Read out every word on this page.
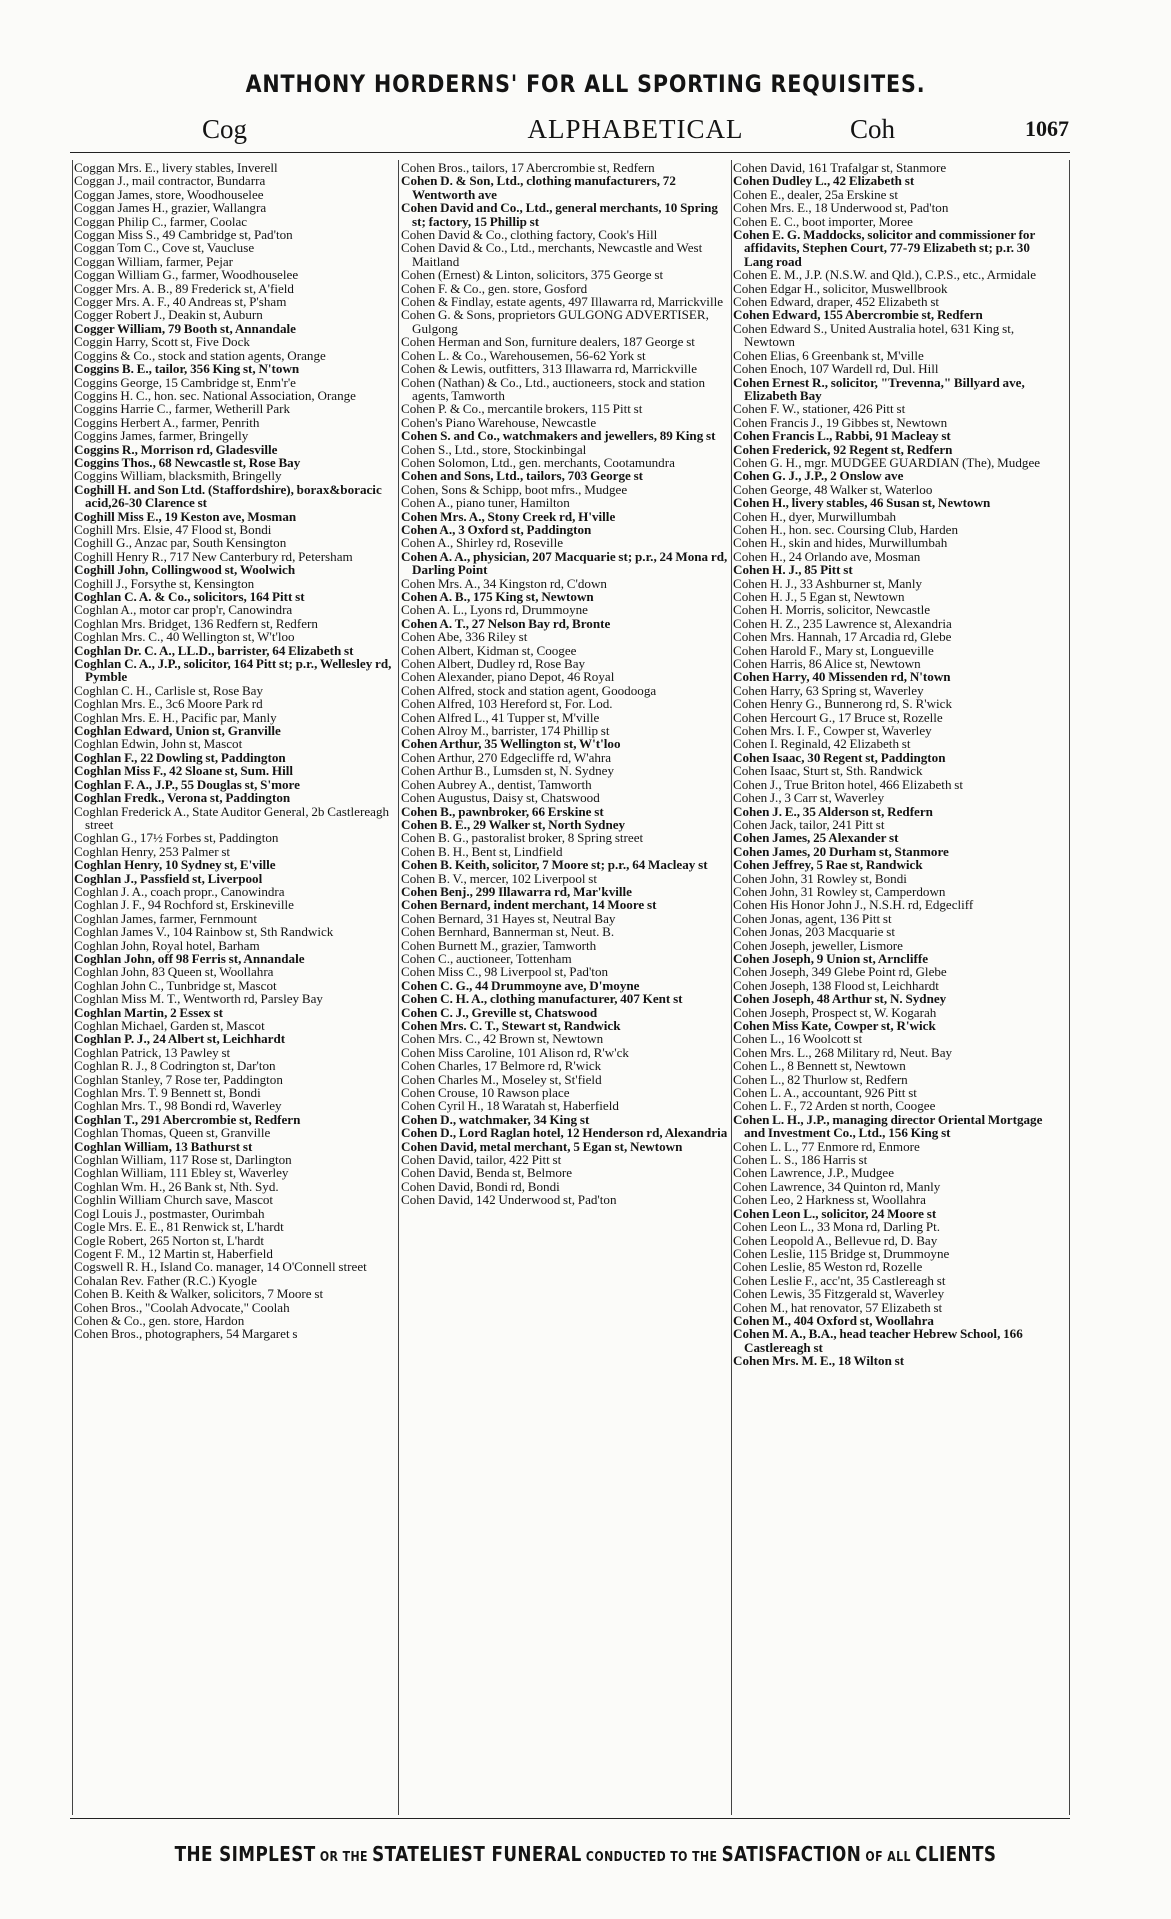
ANTHONY HORDERNS' FOR ALL SPORTING REQUISITES.
Cog	ALPHABETICAL	Coh	1067
Coggan Mrs. E., livery stables, Inverell
Coggan J., mail contractor, Bundarra
Coggan James, store, Woodhouselee
Coggan James H., grazier, Wallangra
Coggan Philip C., farmer, Coolac
Coggan Miss S., 49 Cambridge st, Pad'ton
Coggan Tom C., Cove st, Vaucluse
Coggan William, farmer, Pejar
Coggan William G., farmer, Woodhouselee
Cogger Mrs. A. B., 89 Frederick st, A'field
Cogger Mrs. A. F., 40 Andreas st, P'sham
Cogger Robert J., Deakin st, Auburn
Cogger William, 79 Booth st, Annandale
Coggin Harry, Scott st, Five Dock
Coggins & Co., stock and station agents, Orange
Coggins B. E., tailor, 356 King st, N'town
Coggins George, 15 Cambridge st, Enm'r'e
Coggins H. C., hon. sec. National Association, Orange
Coggins Harrie C., farmer, Wetherill Park
Coggins Herbert A., farmer, Penrith
Coggins James, farmer, Bringelly
Coggins R., Morrison rd, Gladesville
Coggins Thos., 68 Newcastle st, Rose Bay
Coggins William, blacksmith, Bringelly
Coghill H. and Son Ltd. (Staffordshire), borax&boracic acid,26-30 Clarence st
Coghill Miss E., 19 Keston ave, Mosman
Coghill Mrs. Elsie, 47 Flood st, Bondi
Coghill G., Anzac par, South Kensington
Coghill Henry R., 717 New Canterbury rd, Petersham
Coghill John, Collingwood st, Woolwich
Coghill J., Forsythe st, Kensington
Coghlan C. A. & Co., solicitors, 164 Pitt st
Coghlan A., motor car prop'r, Canowindra
Coghlan Mrs. Bridget, 136 Redfern st, Redfern
Coghlan Mrs. C., 40 Wellington st, W't'loo
Coghlan Dr. C. A., LL.D., barrister, 64 Elizabeth st
Coghlan C. A., J.P., solicitor, 164 Pitt st; p.r., Wellesley rd, Pymble
Coghlan C. H., Carlisle st, Rose Bay
Coghlan Mrs. E., 3c6 Moore Park rd
Coghlan Mrs. E. H., Pacific par, Manly
Coghlan Edward, Union st, Granville
Coghlan Edwin, John st, Mascot
Coghlan F., 22 Dowling st, Paddington
Coghlan Miss F., 42 Sloane st, Sum. Hill
Coghlan F. A., J.P., 55 Douglas st, S'more
Coghlan Fredk., Verona st, Paddington
Coghlan Frederick A., State Auditor General, 2b Castlereagh street
Coghlan G., 17½ Forbes st, Paddington
Coghlan Henry, 253 Palmer st
Coghlan Henry, 10 Sydney st, E'ville
Coghlan J., Passfield st, Liverpool
Coghlan J. A., coach propr., Canowindra
Coghlan J. F., 94 Rochford st, Erskineville
Coghlan James, farmer, Fernmount
Coghlan James V., 104 Rainbow st, Sth Randwick
Coghlan John, Royal hotel, Barham
Coghlan John, off 98 Ferris st, Annandale
Coghlan John, 83 Queen st, Woollahra
Coghlan John C., Tunbridge st, Mascot
Coghlan Miss M. T., Wentworth rd, Parsley Bay
Coghlan Martin, 2 Essex st
Coghlan Michael, Garden st, Mascot
Coghlan P. J., 24 Albert st, Leichhardt
Coghlan Patrick, 13 Pawley st
Coghlan R. J., 8 Codrington st, Dar'ton
Coghlan Stanley, 7 Rose ter, Paddington
Coghlan Mrs. T. 9 Bennett st, Bondi
Coghlan Mrs. T., 98 Bondi rd, Waverley
Coghlan T., 291 Abercrombie st, Redfern
Coghlan Thomas, Queen st, Granville
Coghlan William, 13 Bathurst st
Coghlan William, 117 Rose st, Darlington
Coghlan William, 111 Ebley st, Waverley
Coghlan Wm. H., 26 Bank st, Nth. Syd.
Coghlin William Church save, Mascot
Cogl Louis J., postmaster, Ourimbah
Cogle Mrs. E. E., 81 Renwick st, L'hardt
Cogle Robert, 265 Norton st, L'hardt
Cogent F. M., 12 Martin st, Haberfield
Cogswell R. H., Island Co. manager, 14 O'Connell street
Cohalan Rev. Father (R.C.) Kyogle
Cohen B. Keith & Walker, solicitors, 7 Moore st
Cohen Bros., "Coolah Advocate," Coolah
Cohen & Co., gen. store, Hardon
Cohen Bros., photographers, 54 Margaret s
Cohen Bros., tailors, 17 Abercrombie st, Redfern
Cohen D. & Son, Ltd., clothing manufacturers, 72 Wentworth ave
Cohen David and Co., Ltd., general merchants, 10 Spring st; factory, 15 Phillip st
Cohen David & Co., clothing factory, Cook's Hill
Cohen David & Co., Ltd., merchants, Newcastle and West Maitland
Cohen (Ernest) & Linton, solicitors, 375 George st
Cohen F. & Co., gen. store, Gosford
Cohen & Findlay, estate agents, 497 Illawarra rd, Marrickville
Cohen G. & Sons, proprietors GULGONG ADVERTISER, Gulgong
Cohen Herman and Son, furniture dealers, 187 George st
Cohen L. & Co., Warehousemen, 56-62 York st
Cohen & Lewis, outfitters, 313 Illawarra rd, Marrickville
Cohen (Nathan) & Co., Ltd., auctioneers, stock and station agents, Tamworth
Cohen P. & Co., mercantile brokers, 115 Pitt st
Cohen's Piano Warehouse, Newcastle
Cohen S. and Co., watchmakers and jewellers, 89 King st
Cohen S., Ltd., store, Stockinbingal
Cohen Solomon, Ltd., gen. merchants, Cootamundra
Cohen and Sons, Ltd., tailors, 703 George st
Cohen, Sons & Schipp, boot mfrs., Mudgee
Cohen A., piano tuner, Hamilton
Cohen Mrs. A., Stony Creek rd, H'ville
Cohen A., 3 Oxford st, Paddington
Cohen A., Shirley rd, Roseville
Cohen A. A., physician, 207 Macquarie st; p.r., 24 Mona rd, Darling Point
Cohen Mrs. A., 34 Kingston rd, C'down
Cohen A. B., 175 King st, Newtown
Cohen A. L., Lyons rd, Drummoyne
Cohen A. T., 27 Nelson Bay rd, Bronte
Cohen Abe, 336 Riley st
Cohen Albert, Kidman st, Coogee
Cohen Albert, Dudley rd, Rose Bay
Cohen Alexander, piano Depot, 46 Royal
Cohen Alfred, stock and station agent, Goodooga
Cohen Alfred, 103 Hereford st, For. Lod.
Cohen Alfred L., 41 Tupper st, M'ville
Cohen Alroy M., barrister, 174 Phillip st
Cohen Arthur, 35 Wellington st, W't'loo
Cohen Arthur, 270 Edgecliffe rd, W'ahra
Cohen Arthur B., Lumsden st, N. Sydney
Cohen Aubrey A., dentist, Tamworth
Cohen Augustus, Daisy st, Chatswood
Cohen B., pawnbroker, 66 Erskine st
Cohen B. E., 29 Walker st, North Sydney
Cohen B. G., pastoralist broker, 8 Spring street
Cohen B. H., Bent st, Lindfield
Cohen B. Keith, solicitor, 7 Moore st; p.r., 64 Macleay st
Cohen B. V., mercer, 102 Liverpool st
Cohen Benj., 299 Illawarra rd, Mar'kville
Cohen Bernard, indent merchant, 14 Moore st
Cohen Bernard, 31 Hayes st, Neutral Bay
Cohen Bernhard, Bannerman st, Neut. B.
Cohen Burnett M., grazier, Tamworth
Cohen C., auctioneer, Tottenham
Cohen Miss C., 98 Liverpool st, Pad'ton
Cohen C. G., 44 Drummoyne ave, D'moyne
Cohen C. H. A., clothing manufacturer, 407 Kent st
Cohen C. J., Greville st, Chatswood
Cohen Mrs. C. T., Stewart st, Randwick
Cohen Mrs. C., 42 Brown st, Newtown
Cohen Miss Caroline, 101 Alison rd, R'w'ck
Cohen Charles, 17 Belmore rd, R'wick
Cohen Charles M., Moseley st, St'field
Cohen Crouse, 10 Rawson place
Cohen Cyril H., 18 Waratah st, Haberfield
Cohen D., watchmaker, 34 King st
Cohen D., Lord Raglan hotel, 12 Henderson rd, Alexandria
Cohen David, metal merchant, 5 Egan st, Newtown
Cohen David, tailor, 422 Pitt st
Cohen David, Benda st, Belmore
Cohen David, Bondi rd, Bondi
Cohen David, 142 Underwood st, Pad'ton
Cohen David, 161 Trafalgar st, Stanmore
Cohen Dudley L., 42 Elizabeth st
Cohen E., dealer, 25a Erskine st
Cohen Mrs. E., 18 Underwood st, Pad'ton
Cohen E. C., boot importer, Moree
Cohen E. G. Maddocks, solicitor and commissioner for affidavits, Stephen Court, 77-79 Elizabeth st; p.r. 30 Lang road
Cohen E. M., J.P. (N.S.W. and Qld.), C.P.S., etc., Armidale
Cohen Edgar H., solicitor, Muswellbrook
Cohen Edward, draper, 452 Elizabeth st
Cohen Edward, 155 Abercrombie st, Redfern
Cohen Edward S., United Australia hotel, 631 King st, Newtown
Cohen Elias, 6 Greenbank st, M'ville
Cohen Enoch, 107 Wardell rd, Dul. Hill
Cohen Ernest R., solicitor, "Trevenna," Billyard ave, Elizabeth Bay
Cohen F. W., stationer, 426 Pitt st
Cohen Francis J., 19 Gibbes st, Newtown
Cohen Francis L., Rabbi, 91 Macleay st
Cohen Frederick, 92 Regent st, Redfern
Cohen G. H., mgr. MUDGEE GUARDIAN (The), Mudgee
Cohen G. J., J.P., 2 Onslow ave
Cohen George, 48 Walker st, Waterloo
Cohen H., livery stables, 46 Susan st, Newtown
Cohen H., dyer, Murwillumbah
Cohen H., hon. sec. Coursing Club, Harden
Cohen H., skin and hides, Murwillumbah
Cohen H., 24 Orlando ave, Mosman
Cohen H. J., 85 Pitt st
Cohen H. J., 33 Ashburner st, Manly
Cohen H. J., 5 Egan st, Newtown
Cohen H. Morris, solicitor, Newcastle
Cohen H. Z., 235 Lawrence st, Alexandria
Cohen Mrs. Hannah, 17 Arcadia rd, Glebe
Cohen Harold F., Mary st, Longueville
Cohen Harris, 86 Alice st, Newtown
Cohen Harry, 40 Missenden rd, N'town
Cohen Harry, 63 Spring st, Waverley
Cohen Henry G., Bunnerong rd, S. R'wick
Cohen Hercourt G., 17 Bruce st, Rozelle
Cohen Mrs. I. F., Cowper st, Waverley
Cohen I. Reginald, 42 Elizabeth st
Cohen Isaac, 30 Regent st, Paddington
Cohen Isaac, Sturt st, Sth. Randwick
Cohen J., True Briton hotel, 466 Elizabeth st
Cohen J., 3 Carr st, Waverley
Cohen J. E., 35 Alderson st, Redfern
Cohen Jack, tailor, 241 Pitt st
Cohen James, 25 Alexander st
Cohen James, 20 Durham st, Stanmore
Cohen Jeffrey, 5 Rae st, Randwick
Cohen John, 31 Rowley st, Bondi
Cohen John, 31 Rowley st, Camperdown
Cohen His Honor John J., N.S.H. rd, Edgecliff
Cohen Jonas, agent, 136 Pitt st
Cohen Jonas, 203 Macquarie st
Cohen Joseph, jeweller, Lismore
Cohen Joseph, 9 Union st, Arncliffe
Cohen Joseph, 349 Glebe Point rd, Glebe
Cohen Joseph, 138 Flood st, Leichhardt
Cohen Joseph, 48 Arthur st, N. Sydney
Cohen Joseph, Prospect st, W. Kogarah
Cohen Miss Kate, Cowper st, R'wick
Cohen L., 16 Woolcott st
Cohen Mrs. L., 268 Military rd, Neut. Bay
Cohen L., 8 Bennett st, Newtown
Cohen L., 82 Thurlow st, Redfern
Cohen L. A., accountant, 926 Pitt st
Cohen L. F., 72 Arden st north, Coogee
Cohen L. H., J.P., managing director Oriental Mortgage and Investment Co., Ltd., 156 King st
Cohen L. L., 77 Enmore rd, Enmore
Cohen L. S., 186 Harris st
Cohen Lawrence, J.P., Mudgee
Cohen Lawrence, 34 Quinton rd, Manly
Cohen Leo, 2 Harkness st, Woollahra
Cohen Leon L., solicitor, 24 Moore st
Cohen Leon L., 33 Mona rd, Darling Pt.
Cohen Leopold A., Bellevue rd, D. Bay
Cohen Leslie, 115 Bridge st, Drummoyne
Cohen Leslie, 85 Weston rd, Rozelle
Cohen Leslie F., acc'nt, 35 Castlereagh st
Cohen Lewis, 35 Fitzgerald st, Waverley
Cohen M., hat renovator, 57 Elizabeth st
Cohen M., 404 Oxford st, Woollahra
Cohen M. A., B.A., head teacher Hebrew School, 166 Castlereagh st
Cohen Mrs. M. E., 18 Wilton st
THE SIMPLEST OR THE STATELIEST FUNERAL CONDUCTED TO THE SATISFACTION OF ALL CLIENTS
